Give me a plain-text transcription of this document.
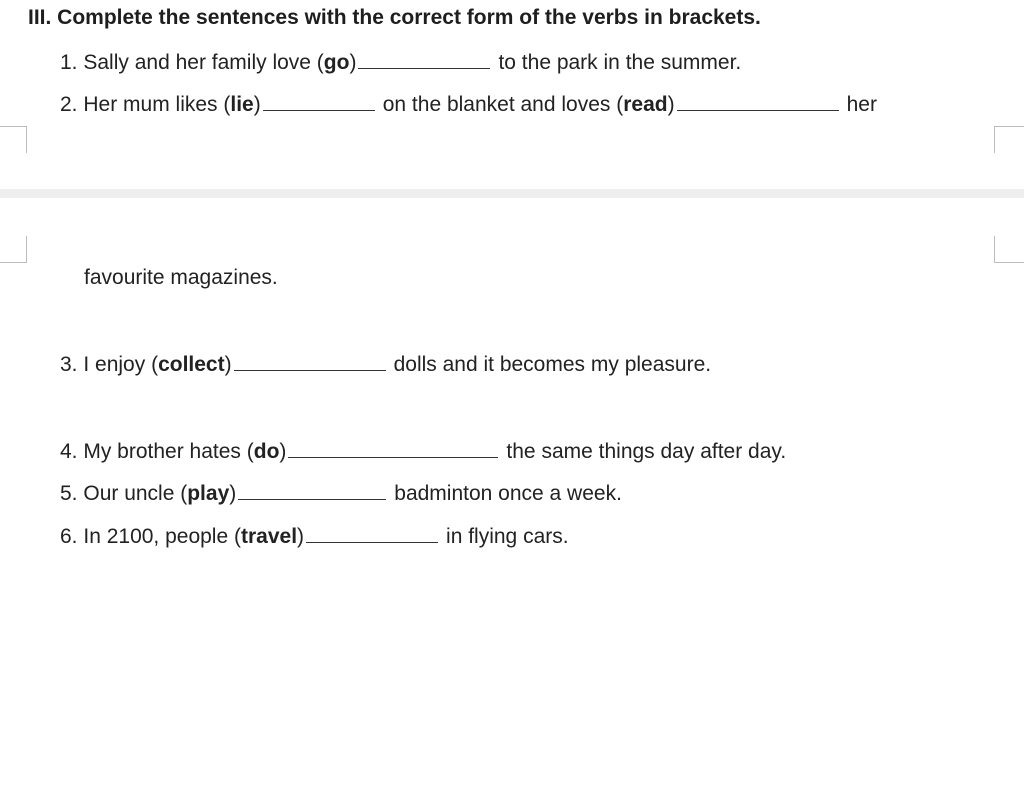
III. Complete the sentences with the correct form of the verbs in brackets.
1. Sally and her family love (go)	to the park in the summer.
2. Her mum likes (lie)	on the blanket and loves (read)	her
favourite magazines.
3. I enjoy (collect)	dolls and it becomes my pleasure.
4. My brother hates (do)	the same things day after day.
5. Our uncle (play)	badminton once a week.
6. In 2100, people (travel)	in flying cars.
